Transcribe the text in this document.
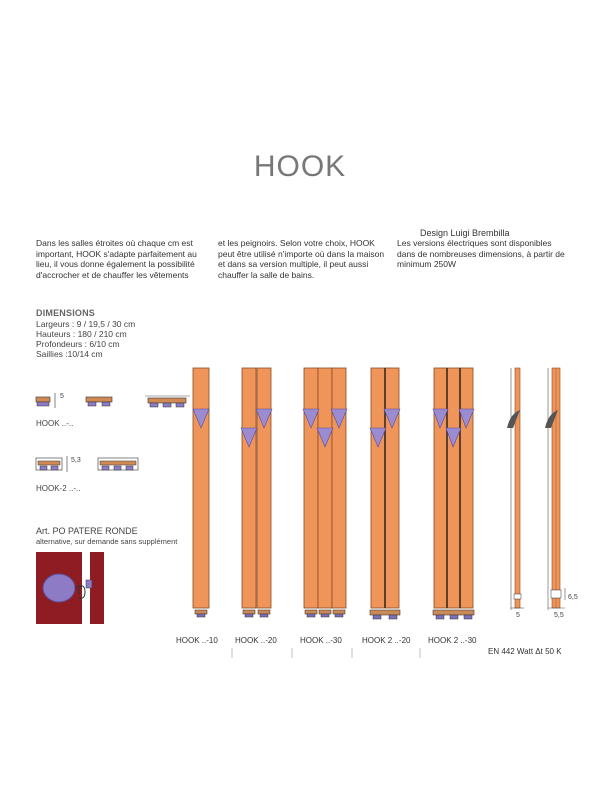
HOOK
Design Luigi Brembilla
Dans les salles étroites où chaque cm est
important, HOOK s'adapte parfaitement au
lieu, il vous donne également la possibilité
d'accrocher et de chauffer les vêtements
et les peignoirs. Selon votre choix, HOOK
peut être utilisé n'importe où dans la maison
et dans sa version multiple, il peut aussi
chauffer la salle de bains.
Les versions électriques sont disponibles
dans de nombreuses dimensions, à partir de
minimum 250W
DIMENSIONS
Largeurs : 9 / 19,5 / 30 cm
Hauteurs : 180 / 210 cm
Profondeurs : 6/10 cm
Saillies :10/14 cm
HOOK ..-..
5
HOOK-2 ..-..
5,3
Art. PO PATERE RONDE
alternative, sur demande sans supplément
HOOK ..-10 HOOK ..-20	HOOK ..-30	HOOK 2 ..-20 HOOK 2 ..-30
5	5,5
6,5
EN 442 Watt Δt 50 K
